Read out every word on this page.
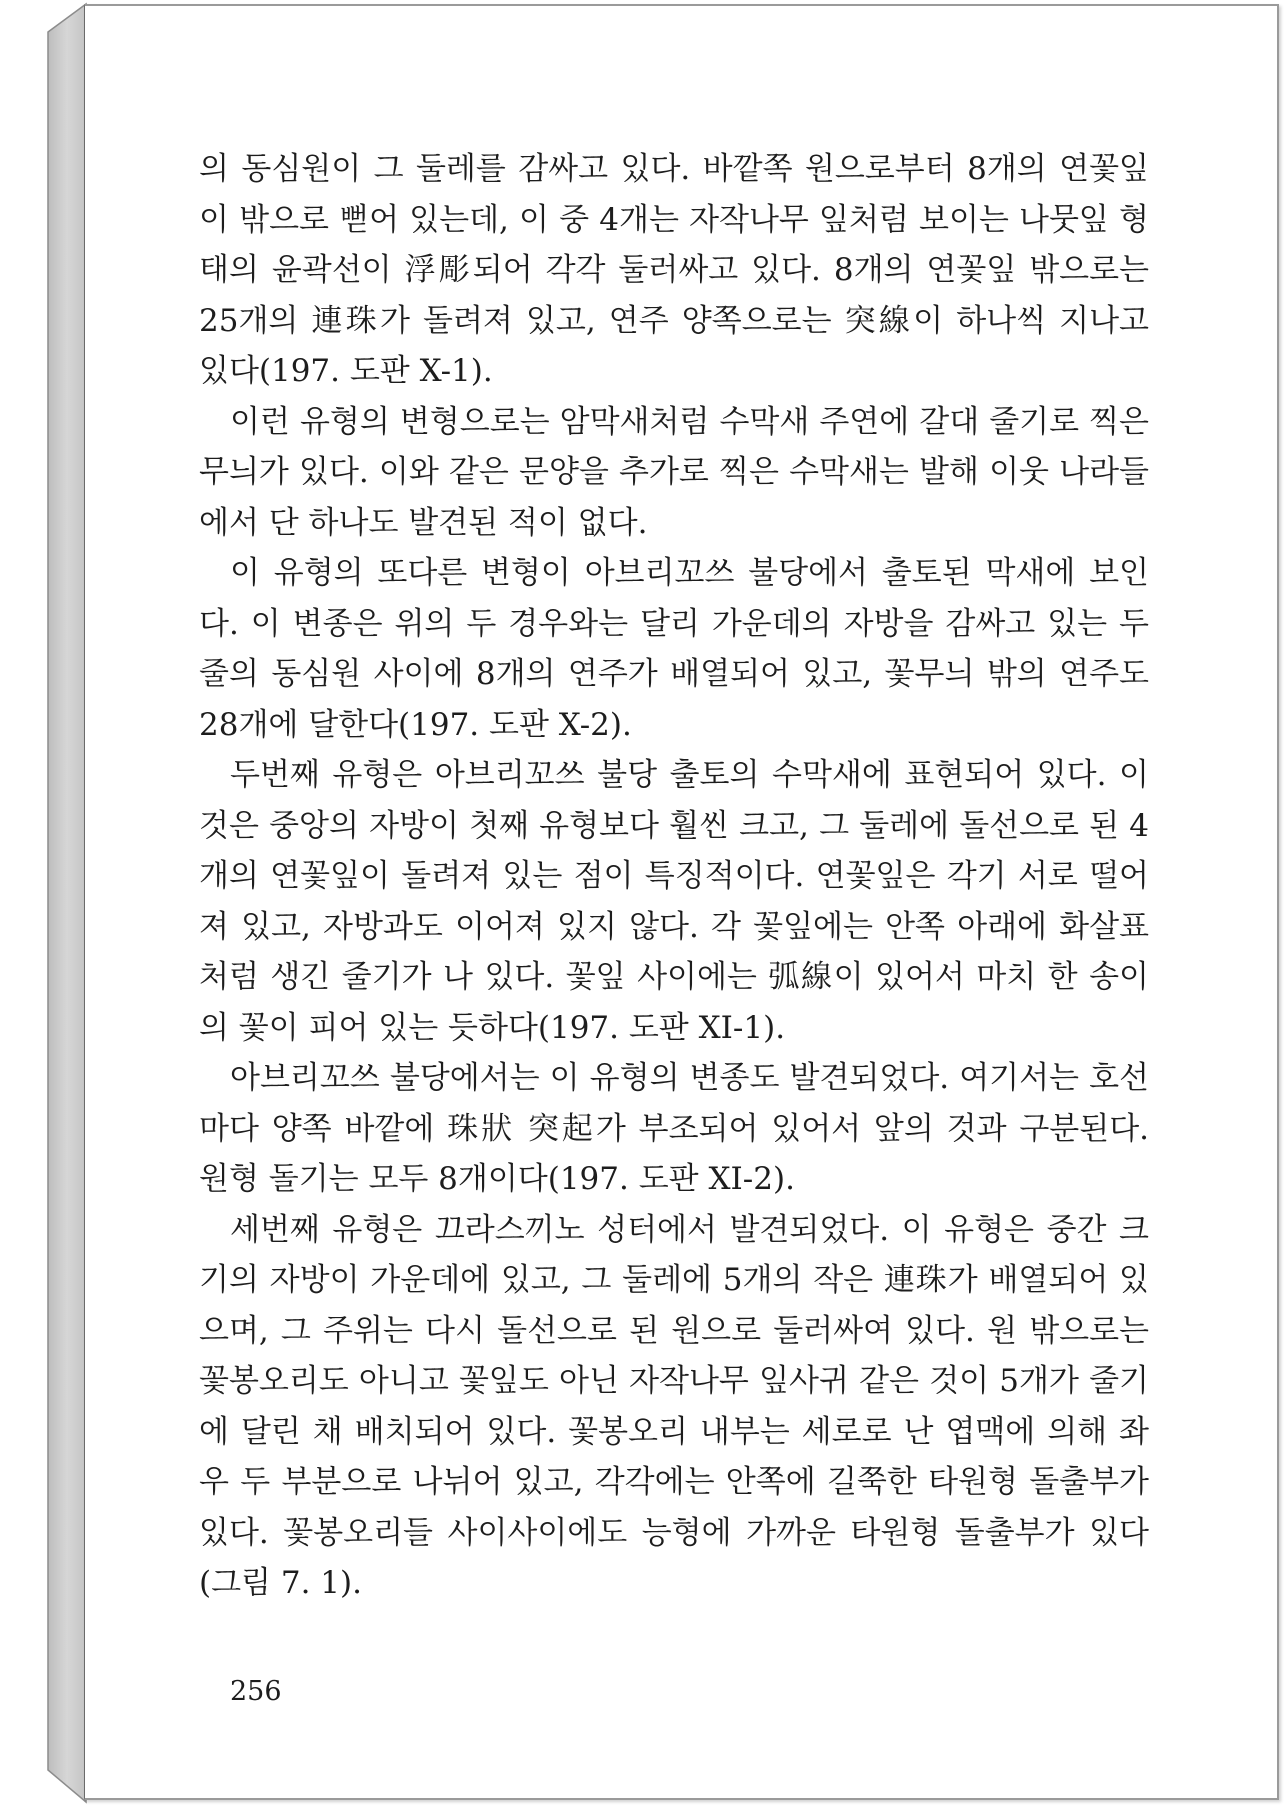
의 동심원이 그 둘레를 감싸고 있다. 바깥쪽 원으로부터 8개의 연꽃잎이 밖으로 뻗어 있는데, 이 중 4개는 자작나무 잎처럼 보이는 나뭇잎 형태의 윤곽선이 浮彫되어 각각 둘러싸고 있다. 8개의 연꽃잎 밖으로는 25개의 連珠가 돌려져 있고, 연주 양쪽으로는 突線이 하나씩 지나고 있다(197. 도판 X-1).

이런 유형의 변형으로는 암막새처럼 수막새 주연에 갈대 줄기로 찍은 무늬가 있다. 이와 같은 문양을 추가로 찍은 수막새는 발해 이웃 나라들에서 단 하나도 발견된 적이 없다.

이 유형의 또다른 변형이 아브리꼬쓰 불당에서 출토된 막새에 보인다. 이 변종은 위의 두 경우와는 달리 가운데의 자방을 감싸고 있는 두 줄의 동심원 사이에 8개의 연주가 배열되어 있고, 꽃무늬 밖의 연주도 28개에 달한다(197. 도판 X-2).

두번째 유형은 아브리꼬쓰 불당 출토의 수막새에 표현되어 있다. 이것은 중앙의 자방이 첫째 유형보다 훨씬 크고, 그 둘레에 돌선으로 된 4개의 연꽃잎이 돌려져 있는 점이 특징적이다. 연꽃잎은 각기 서로 떨어져 있고, 자방과도 이어져 있지 않다. 각 꽃잎에는 안쪽 아래에 화살표처럼 생긴 줄기가 나 있다. 꽃잎 사이에는 弧線이 있어서 마치 한 송이의 꽃이 피어 있는 듯하다(197. 도판 XI-1).

아브리꼬쓰 불당에서는 이 유형의 변종도 발견되었다. 여기서는 호선마다 양쪽 바깥에 珠狀 突起가 부조되어 있어서 앞의 것과 구분된다. 원형 돌기는 모두 8개이다(197. 도판 XI-2).

세번째 유형은 끄라스끼노 성터에서 발견되었다. 이 유형은 중간 크기의 자방이 가운데에 있고, 그 둘레에 5개의 작은 連珠가 배열되어 있으며, 그 주위는 다시 돌선으로 된 원으로 둘러싸여 있다. 원 밖으로는 꽃봉오리도 아니고 꽃잎도 아닌 자작나무 잎사귀 같은 것이 5개가 줄기에 달린 채 배치되어 있다. 꽃봉오리 내부는 세로로 난 엽맥에 의해 좌우 두 부분으로 나뉘어 있고, 각각에는 안쪽에 길쭉한 타원형 돌출부가 있다. 꽃봉오리들 사이사이에도 능형에 가까운 타원형 돌출부가 있다(그림 7. 1).

256
